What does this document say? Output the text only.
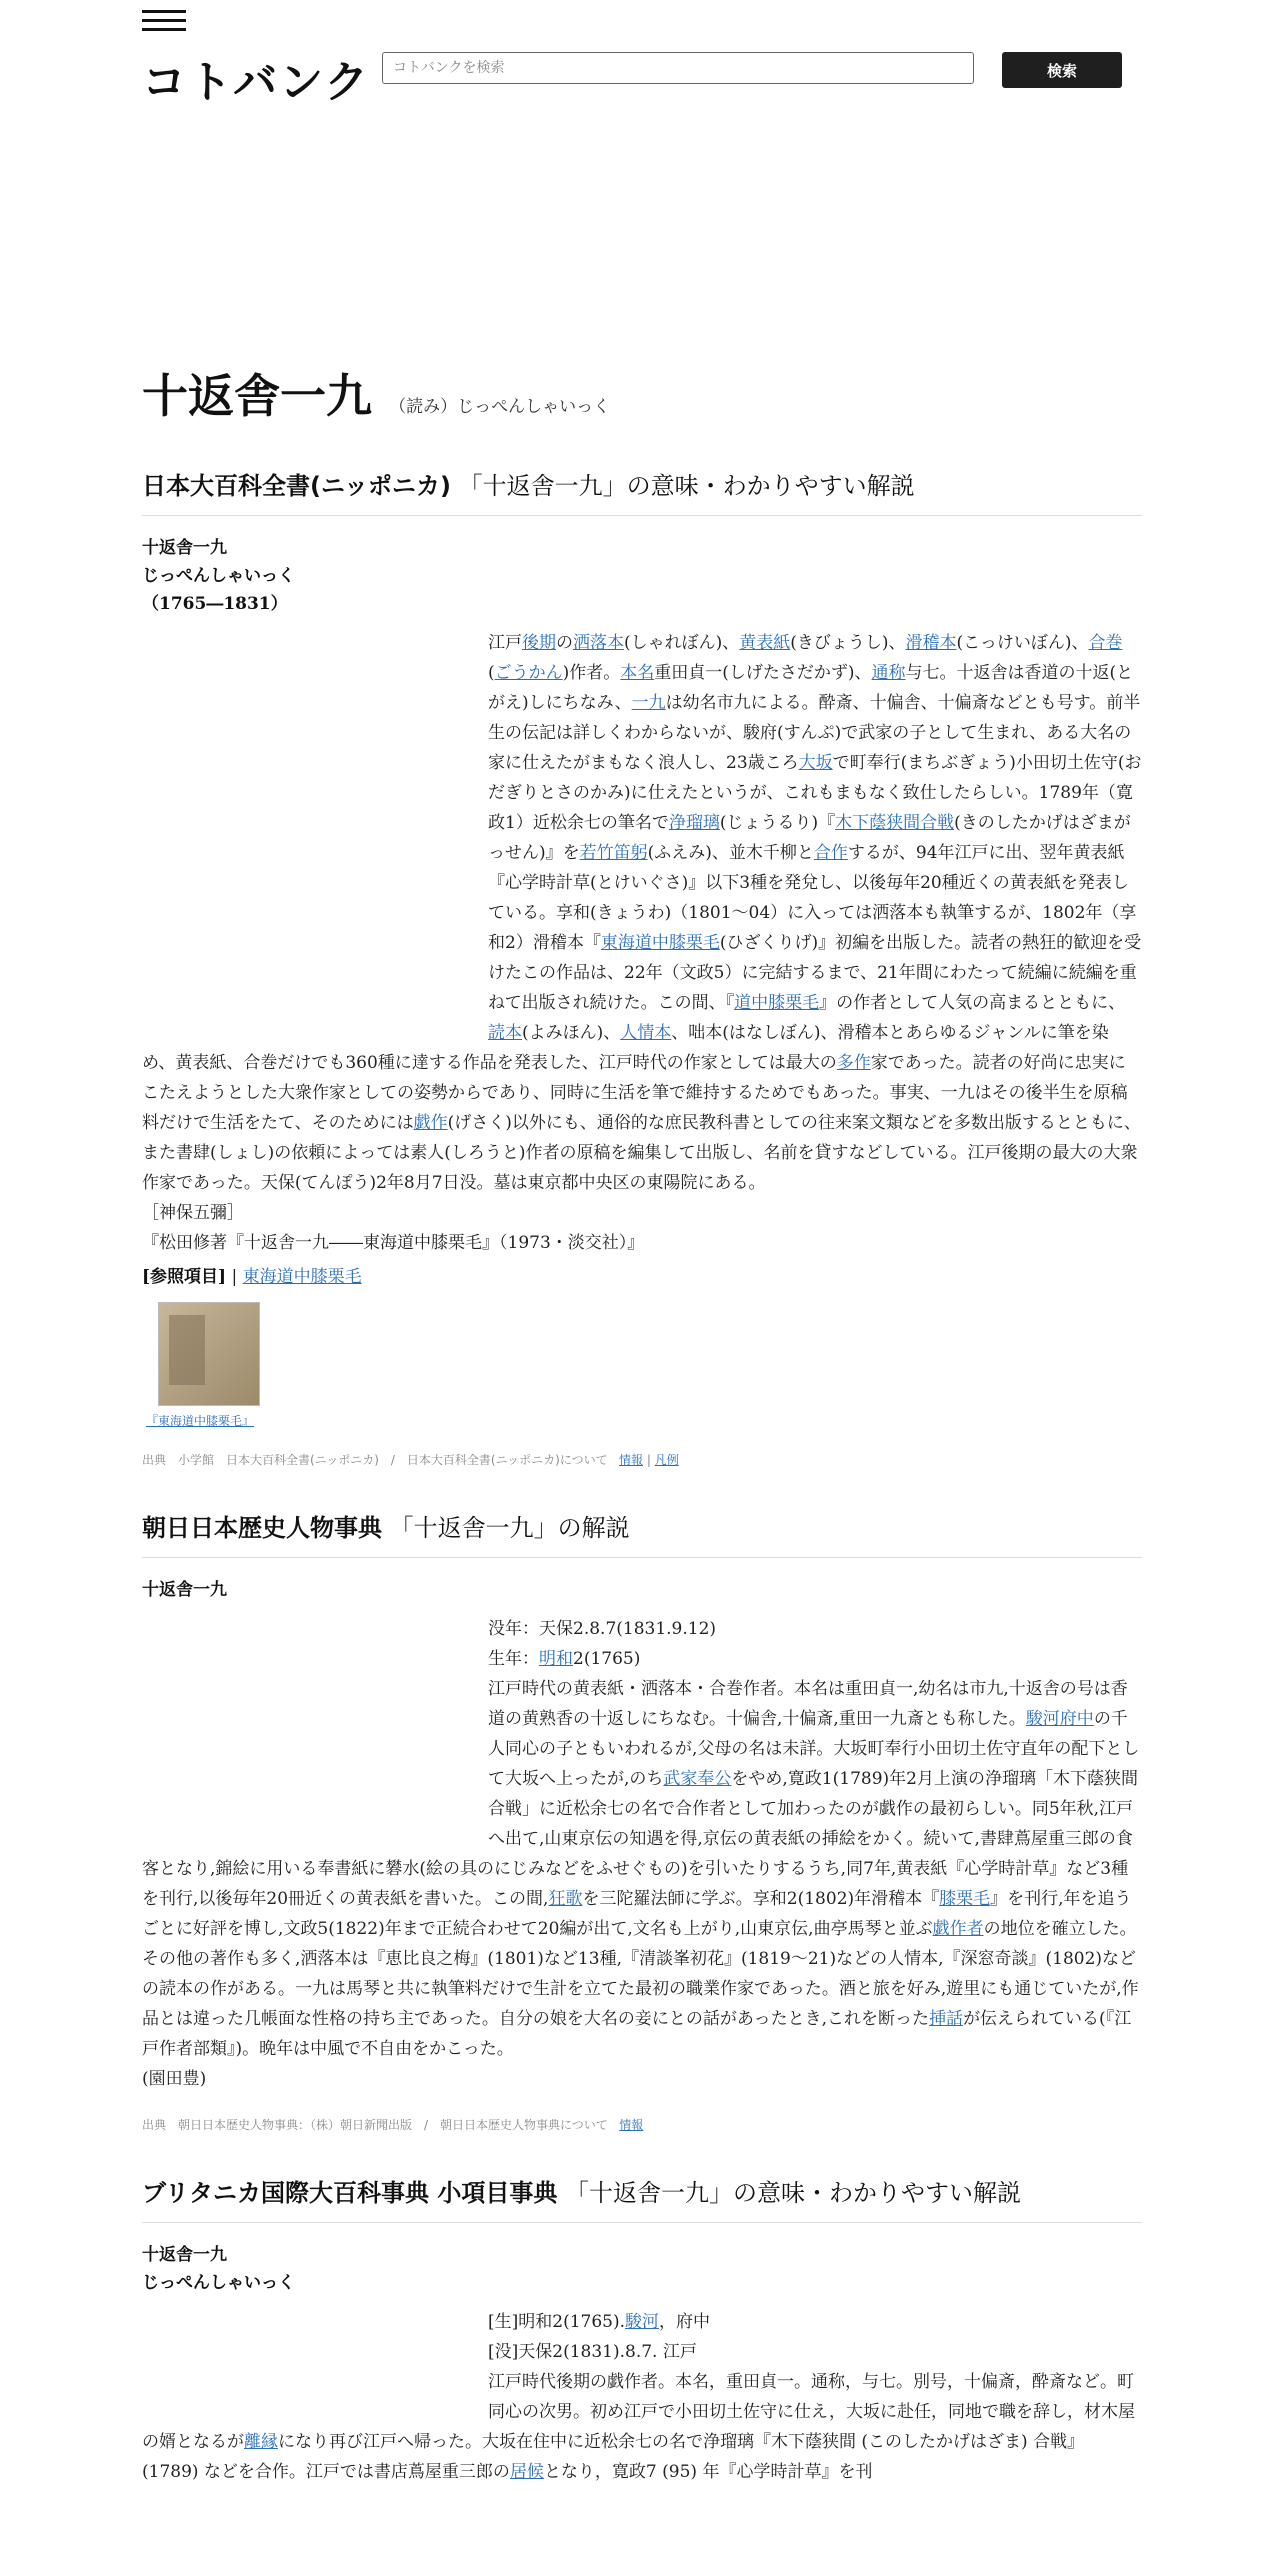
コトバンク
コトバンクを検索	検索
十返舎一九 （読み）じっぺんしゃいっく
日本大百科全書(ニッポニカ) 「十返舎一九」の意味・わかりやすい解説
十返舎一九
じっぺんしゃいっく
（1765―1831）
江戸後期の洒落本(しゃれぼん)、黄表紙(きびょうし)、滑稽本(こっけいぼん)、合巻(ごうかん)作者。本名重田貞一(しげたさだかず)、通称与七。十返舎は香道の十返(とがえ)しにちなみ、一九は幼名市九による。酔斎、十偏舎、十偏斎などとも号す。前半生の伝記は詳しくわからないが、駿府(すんぷ)で武家の子として生まれ、ある大名の家に仕えたがまもなく浪人し、23歳ころ大坂で町奉行(まちぶぎょう)小田切土佐守(おだぎりとさのかみ)に仕えたというが、これもまもなく致仕したらしい。1789年（寛政1）近松余七の筆名で浄瑠璃(じょうるり)『木下蔭狭間合戦(きのしたかげはざまがっせん)』を若竹笛躬(ふえみ)、並木千柳と合作するが、94年江戸に出、翌年黄表紙『心学時計草(とけいぐさ)』以下3種を発兌し、以後毎年20種近くの黄表紙を発表している。享和(きょうわ)（1801～04）に入っては洒落本も執筆するが、1802年（享和2）滑稽本『東海道中膝栗毛(ひざくりげ)』初編を出版した。読者の熱狂的歓迎を受けたこの作品は、22年（文政5）に完結するまで、21年間にわたって続編に続編を重ねて出版され続けた。この間、『道中膝栗毛』の作者として人気の高まるとともに、読本(よみほん)、人情本、咄本(はなしぼん)、滑稽本とあらゆるジャンルに筆を染め、黄表紙、合巻だけでも360種に達する作品を発表した、江戸時代の作家としては最大の多作家であった。読者の好尚に忠実にこたえようとした大衆作家としての姿勢からであり、同時に生活を筆で維持するためでもあった。事実、一九はその後半生を原稿料だけで生活をたて、そのためには戯作(げさく)以外にも、通俗的な庶民教科書としての往来案文類などを多数出版するとともに、また書肆(しょし)の依頼によっては素人(しろうと)作者の原稿を編集して出版し、名前を貸すなどしている。江戸後期の最大の大衆作家であった。天保(てんぽう)2年8月7日没。墓は東京都中央区の東陽院にある。
［神保五彌］
『松田修著『十返舎一九――東海道中膝栗毛』（1973・淡交社）』
[参照項目] | 東海道中膝栗毛
『東海道中膝栗毛』
出典　小学館　日本大百科全書(ニッポニカ)　/　日本大百科全書(ニッポニカ)について 情報 | 凡例
朝日日本歴史人物事典 「十返舎一九」の解説
十返舎一九
没年：天保2.8.7(1831.9.12)
生年：明和2(1765)
江戸時代の黄表紙・洒落本・合巻作者。本名は重田貞一,幼名は市九,十返舎の号は香道の黄熟香の十返しにちなむ。十偏舎,十偏斎,重田一九斎とも称した。駿河府中の千人同心の子ともいわれるが,父母の名は未詳。大坂町奉行小田切土佐守直年の配下として大坂へ上ったが,のち武家奉公をやめ,寛政1(1789)年2月上演の浄瑠璃「木下蔭狭間合戦」に近松余七の名で合作者として加わったのが戯作の最初らしい。同5年秋,江戸へ出て,山東京伝の知遇を得,京伝の黄表紙の挿絵をかく。続いて,書肆蔦屋重三郎の食客となり,錦絵に用いる奉書紙に礬水(絵の具のにじみなどをふせぐもの)を引いたりするうち,同7年,黄表紙『心学時計草』など3種を刊行,以後毎年20冊近くの黄表紙を書いた。この間,狂歌を三陀羅法師に学ぶ。享和2(1802)年滑稽本『膝栗毛』を刊行,年を追うごとに好評を博し,文政5(1822)年まで正続合わせて20編が出て,文名も上がり,山東京伝,曲亭馬琴と並ぶ戯作者の地位を確立した。その他の著作も多く,洒落本は『恵比良之梅』(1801)など13種,『清談峯初花』(1819～21)などの人情本,『深窓奇談』(1802)などの読本の作がある。一九は馬琴と共に執筆料だけで生計を立てた最初の職業作家であった。酒と旅を好み,遊里にも通じていたが,作品とは違った几帳面な性格の持ち主であった。自分の娘を大名の妾にとの話があったとき,これを断った挿話が伝えられている(『江戸作者部類』)。晩年は中風で不自由をかこった。
(園田豊)
出典　朝日日本歴史人物事典：（株）朝日新聞出版　/　朝日日本歴史人物事典について 情報
ブリタニカ国際大百科事典 小項目事典 「十返舎一九」の意味・わかりやすい解説
十返舎一九
じっぺんしゃいっく
[生]明和2(1765).駿河，府中
[没]天保2(1831).8.7. 江戸
江戸時代後期の戯作者。本名，重田貞一。通称，与七。別号，十偏斎，酔斎など。町同心の次男。初め江戸で小田切土佐守に仕え，大坂に赴任，同地で職を辞し，材木屋の婿となるが離縁になり再び江戸へ帰った。大坂在住中に近松余七の名で浄瑠璃『木下蔭狭間 (このしたかげはざま) 合戦』 (1789) などを合作。江戸では書店蔦屋重三郎の居候となり，寛政7 (95) 年『心学時計草』を刊
